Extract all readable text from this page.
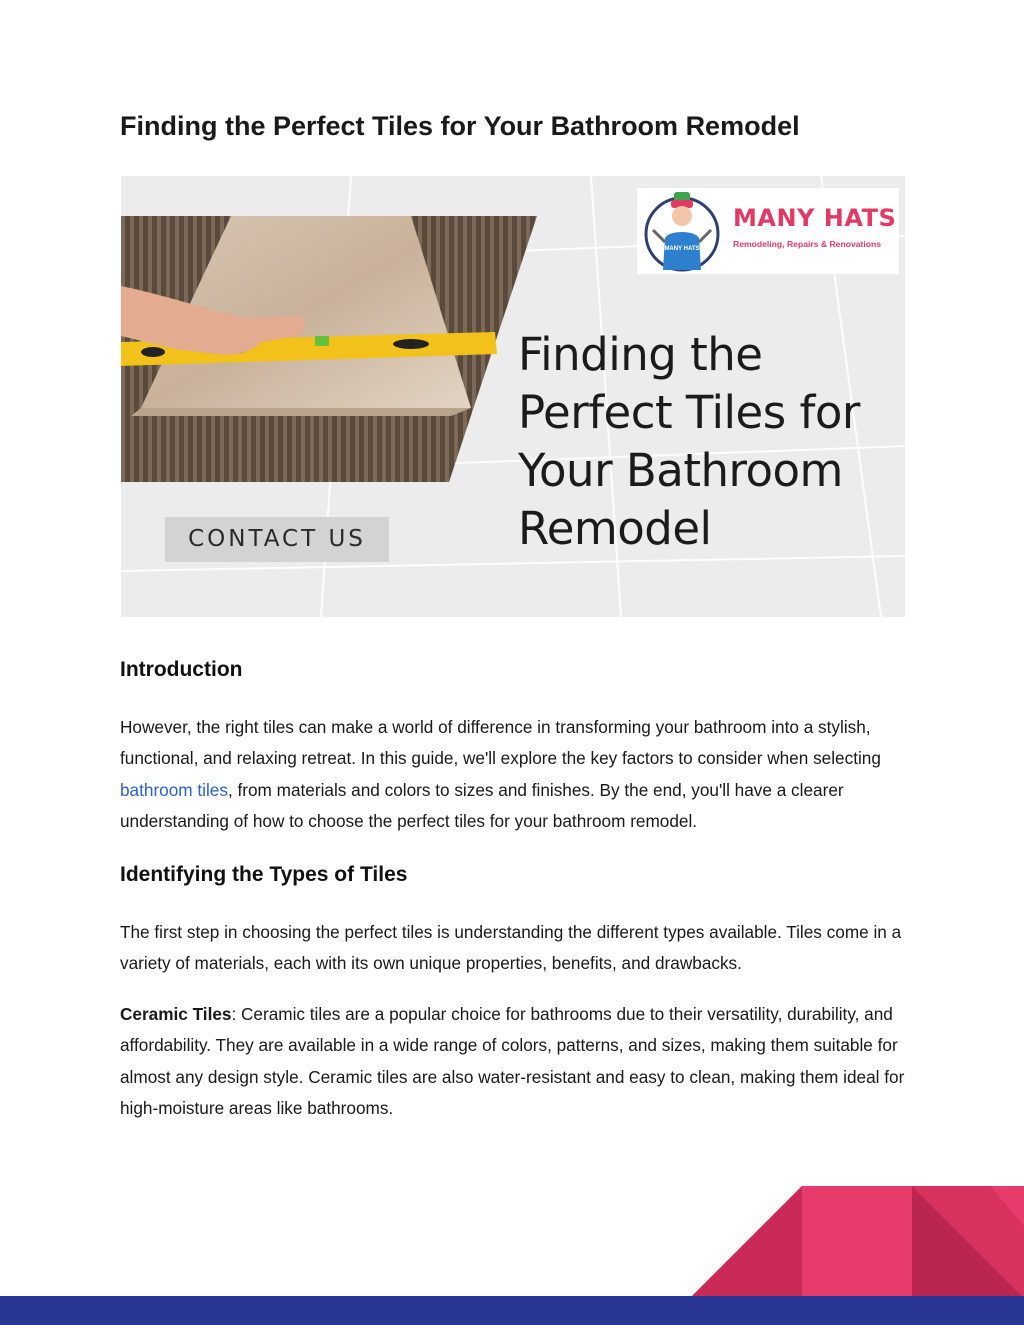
Finding the Perfect Tiles for Your Bathroom Remodel
MANY HATS
MANY HATS
Remodeling, Repairs & Renovations
Finding the
Perfect Tiles for
Your Bathroom
Remodel
CONTACT US
Introduction

However, the right tiles can make a world of difference in transforming your bathroom into a stylish, functional, and relaxing retreat. In this guide, we'll explore the key factors to consider when selecting bathroom tiles, from materials and colors to sizes and finishes. By the end, you'll have a clearer understanding of how to choose the perfect tiles for your bathroom remodel.

Identifying the Types of Tiles

The first step in choosing the perfect tiles is understanding the different types available. Tiles come in a variety of materials, each with its own unique properties, benefits, and drawbacks.

Ceramic Tiles: Ceramic tiles are a popular choice for bathrooms due to their versatility, durability, and affordability. They are available in a wide range of colors, patterns, and sizes, making them suitable for almost any design style. Ceramic tiles are also water-resistant and easy to clean, making them ideal for high-moisture areas like bathrooms.
